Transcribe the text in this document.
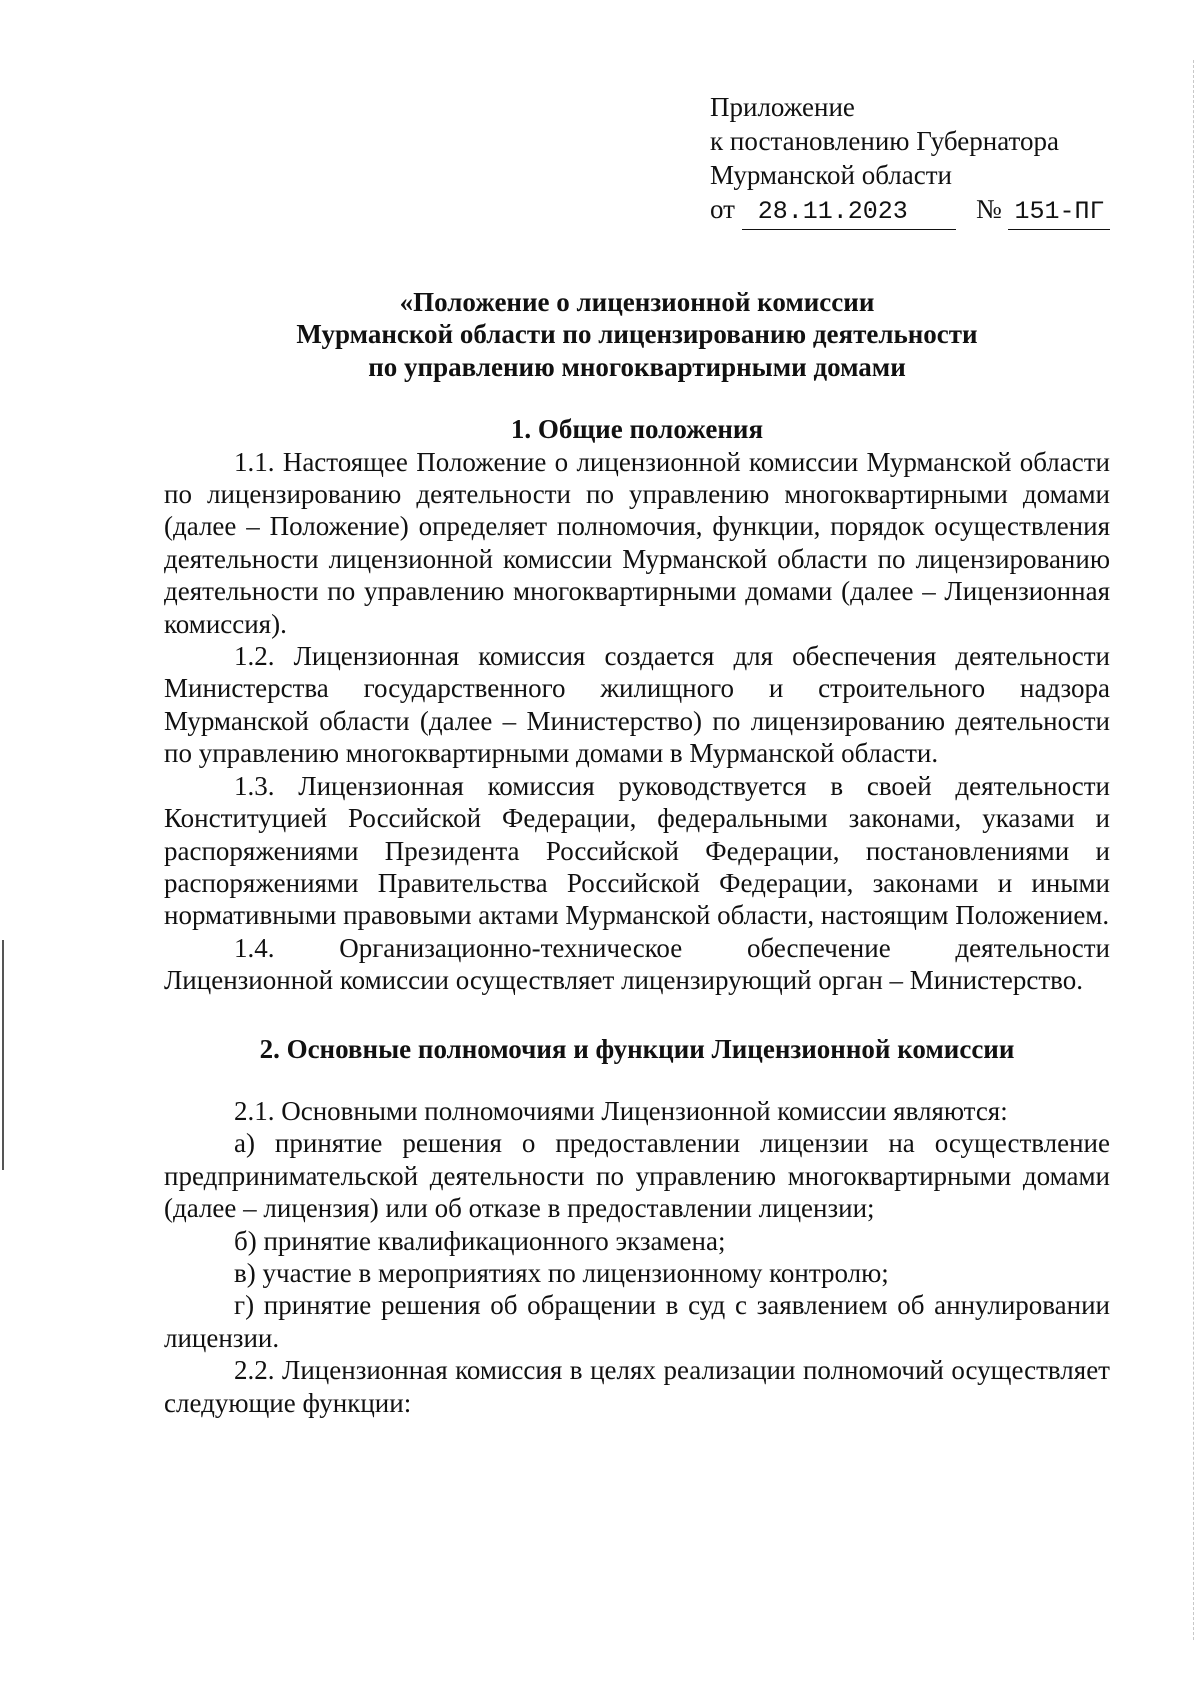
Приложение
к постановлению Губернатора
Мурманской области
от 28.11.2023	№ 151-ПГ
«Положение о лицензионной комиссии
Мурманской области по лицензированию деятельности
по управлению многоквартирными домами
1. Общие положения

1.1. Настоящее Положение о лицензионной комиссии Мурманской области по лицензированию деятельности по управлению многоквартирными домами (далее – Положение) определяет полномочия, функции, порядок осуществления деятельности лицензионной комиссии Мурманской области по лицензированию деятельности по управлению многоквартирными домами (далее – Лицензионная комиссия).

1.2. Лицензионная комиссия создается для обеспечения деятельности Министерства государственного жилищного и строительного надзора Мурманской области (далее – Министерство) по лицензированию деятельности по управлению многоквартирными домами в Мурманской области.

1.3. Лицензионная комиссия руководствуется в своей деятельности Конституцией Российской Федерации, федеральными законами, указами и распоряжениями Президента Российской Федерации, постановлениями и распоряжениями Правительства Российской Федерации, законами и иными нормативными правовыми актами Мурманской области, настоящим Положением.

1.4. Организационно-техническое обеспечение деятельности Лицензионной комиссии осуществляет лицензирующий орган – Министерство.

2. Основные полномочия и функции Лицензионной комиссии

2.1. Основными полномочиями Лицензионной комиссии являются:

а) принятие решения о предоставлении лицензии на осуществление предпринимательской деятельности по управлению многоквартирными домами (далее – лицензия) или об отказе в предоставлении лицензии;

б) принятие квалификационного экзамена;

в) участие в мероприятиях по лицензионному контролю;

г) принятие решения об обращении в суд с заявлением об аннулировании лицензии.

2.2. Лицензионная комиссия в целях реализации полномочий осуществляет следующие функции:
